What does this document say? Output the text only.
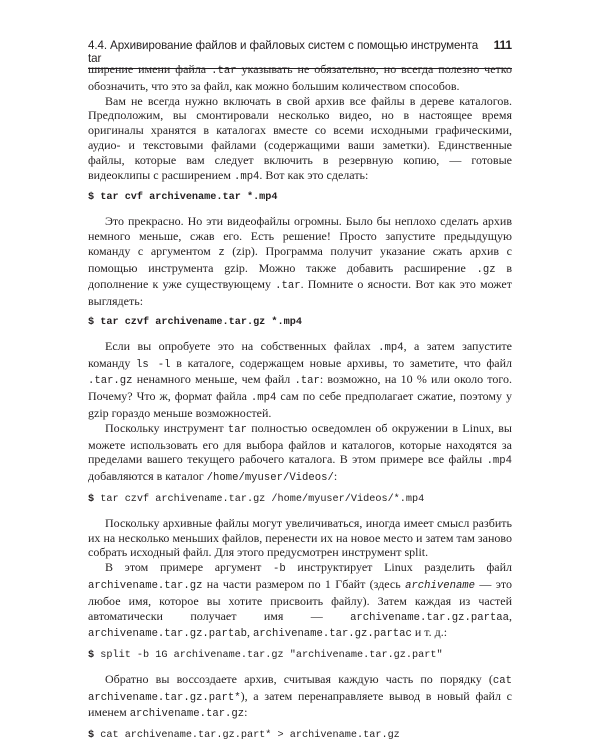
4.4. Архивирование файлов и файловых систем с помощью инструмента tar
111

ширение имени файла .tar указывать не обязательно, но всегда полезно четко обозначить, что это за файл, как можно большим количеством способов.

Вам не всегда нужно включать в свой архив все файлы в дереве каталогов. Предположим, вы смонтировали несколько видео, но в настоящее время оригиналы хранятся в каталогах вместе со всеми исходными графическими, аудио- и текстовыми файлами (содержащими ваши заметки). Единственные файлы, которые вам следует включить в резервную копию, — готовые видеоклипы с расширением .mp4. Вот как это сделать:

$ tar cvf archivename.tar *.mp4

Это прекрасно. Но эти видеофайлы огромны. Было бы неплохо сделать архив немного меньше, сжав его. Есть решение! Просто запустите предыдущую команду с аргументом z (zip). Программа получит указание сжать архив с помощью инструмента gzip. Можно также добавить расширение .gz в дополнение к уже существующему .tar. Помните о ясности. Вот как это может выглядеть:

$ tar czvf archivename.tar.gz *.mp4

Если вы опробуете это на собственных файлах .mp4, а затем запустите команду ls -l в каталоге, содержащем новые архивы, то заметите, что файл .tar.gz ненамного меньше, чем файл .tar: возможно, на 10 % или около того. Почему? Что ж, формат файла .mp4 сам по себе предполагает сжатие, поэтому у gzip гораздо меньше возможностей.

Поскольку инструмент tar полностью осведомлен об окружении в Linux, вы можете использовать его для выбора файлов и каталогов, которые находятся за пределами вашего текущего рабочего каталога. В этом примере все файлы .mp4 добавляются в каталог /home/myuser/Videos/:

$ tar czvf archivename.tar.gz /home/myuser/Videos/*.mp4

Поскольку архивные файлы могут увеличиваться, иногда имеет смысл разбить их на несколько меньших файлов, перенести их на новое место и затем там заново собрать исходный файл. Для этого предусмотрен инструмент split.

В этом примере аргумент -b инструктирует Linux разделить файл archivename.tar.gz на части размером по 1 Гбайт (здесь archivename — это любое имя, которое вы хотите присвоить файлу). Затем каждая из частей автоматически получает имя — archivename.tar.gz.partaa, archivename.tar.gz.partab, archivename.tar.gz.partac и т. д.:

$ split -b 1G archivename.tar.gz "archivename.tar.gz.part"

Обратно вы воссоздаете архив, считывая каждую часть по порядку (cat archivename.tar.gz.part*), а затем перенаправляете вывод в новый файл с именем archivename.tar.gz:

$ cat archivename.tar.gz.part* > archivename.tar.gz
